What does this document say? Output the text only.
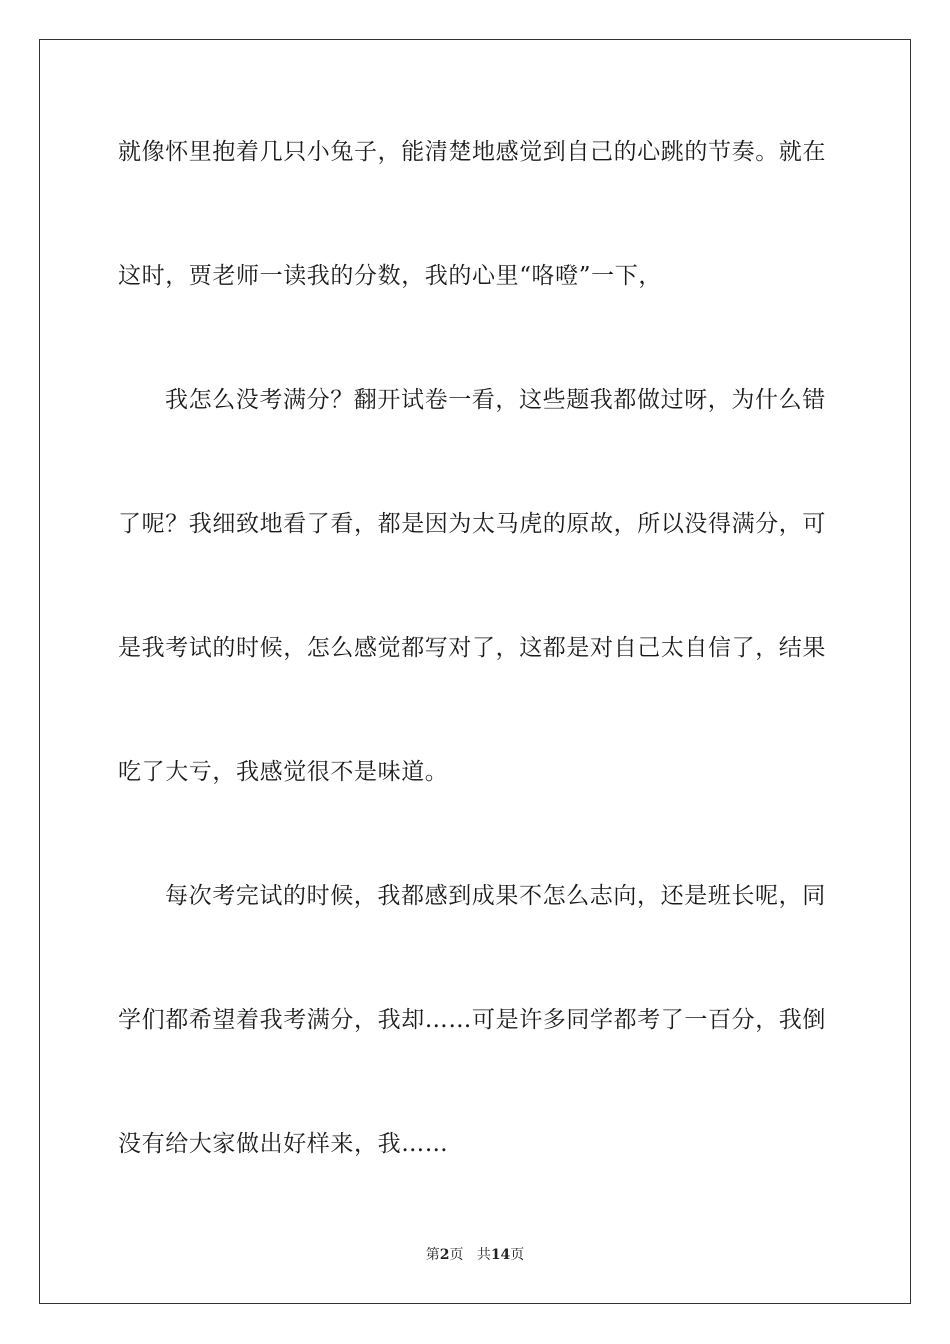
就像怀里抱着几只小兔子，能清楚地感觉到自己的心跳的节奏。就在
这时，贾老师一读我的分数，我的心里“咯噔”一下，
我怎么没考满分？翻开试卷一看，这些题我都做过呀，为什么错
了呢？我细致地看了看，都是因为太马虎的原故，所以没得满分，可
是我考试的时候，怎么感觉都写对了，这都是对自己太自信了，结果
吃了大亏，我感觉很不是味道。
每次考完试的时候，我都感到成果不怎么志向，还是班长呢，同
学们都希望着我考满分，我却……可是许多同学都考了一百分，我倒
没有给大家做出好样来，我……
第2页 共14页
